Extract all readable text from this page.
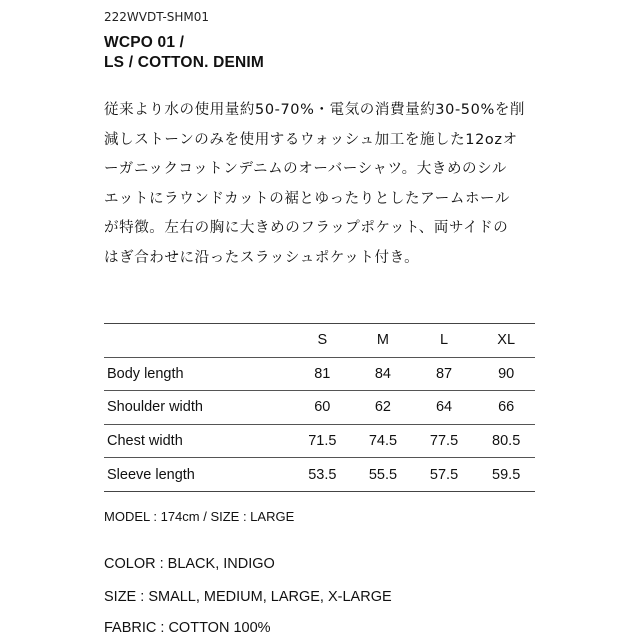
222WVDT-SHM01
WCPO 01 /
LS / COTTON. DENIM
従来より水の使用量約50-70%・電気の消費量約30-50%を削
減しストーンのみを使用するウォッシュ加工を施した12ozオ
ーガニックコットンデニムのオーバーシャツ。大きめのシル
エットにラウンドカットの裾とゆったりとしたアームホール
が特徴。左右の胸に大きめのフラップポケット、両サイドの
はぎ合わせに沿ったスラッシュポケット付き。
	S	M	L	XL
Body length	81	84	87	90
Shoulder width	60	62	64	66
Chest width	71.5	74.5	77.5	80.5
Sleeve length	53.5	55.5	57.5	59.5
MODEL : 174cm / SIZE : LARGE
COLOR : BLACK, INDIGO
SIZE : SMALL, MEDIUM, LARGE, X-LARGE
FABRIC : COTTON 100%
